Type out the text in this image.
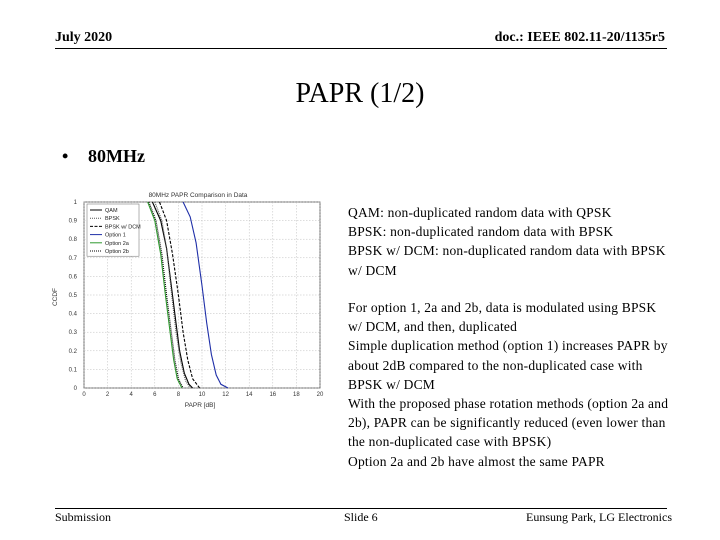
July 2020	doc.: IEEE 802.11-20/1135r5
PAPR (1/2)
• 80MHz
80MHz PAPR Comparison in Data
0	2	4	6	8	10	12	14	16	18	20
0
0.1
0.2
0.3
0.4
0.5
0.6
0.7
0.8
0.9
1
QAM
BPSK
BPSK w/ DCM
Option 1
Option 2a
Option 2b
CCDF
PAPR [dB]

QAM: non-duplicated random data with QPSK

BPSK: non-duplicated random data with BPSK

BPSK w/ DCM: non-duplicated random data with BPSK w/ DCM

For option 1, 2a and 2b, data is modulated using BPSK w/ DCM, and then, duplicated

Simple duplication method (option 1) increases PAPR by about 2dB compared to the non-duplicated case with BPSK w/ DCM

With the proposed phase rotation methods (option 2a and 2b), PAPR can be significantly reduced (even lower than the non-duplicated case with BPSK)

Option 2a and 2b have almost the same PAPR

Submission	Slide 6	Eunsung Park, LG Electronics
